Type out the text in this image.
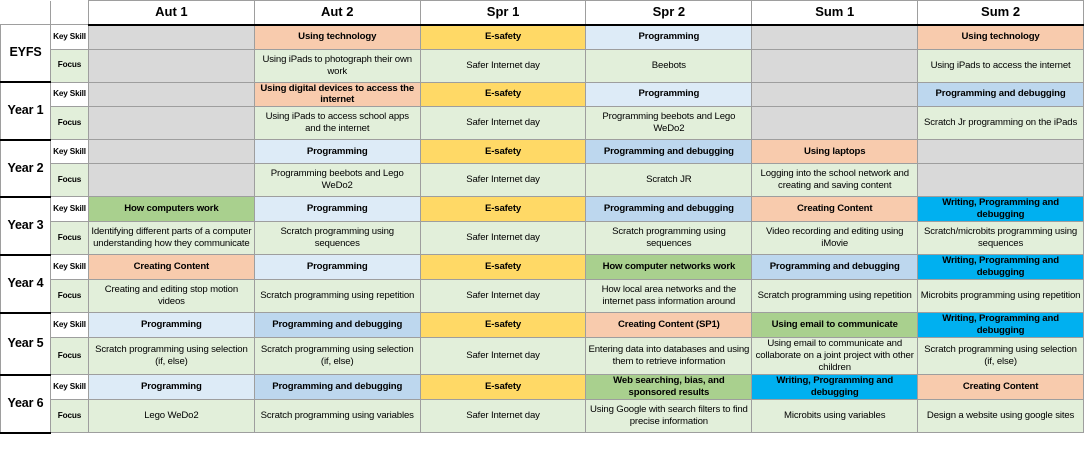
		Aut 1	Aut 2	Spr 1	Spr 2	Sum 1	Sum 2
EYFS	Key Skill		Using technology	E-safety	Programming		Using technology
	Focus		Using iPads to photograph their own work	Safer Internet day	Beebots		Using iPads to access the internet
Year 1	Key Skill		Using digital devices to access the internet	E-safety	Programming		Programming and debugging
	Focus		Using iPads to access school apps and the internet	Safer Internet day	Programming beebots and Lego WeDo2		Scratch Jr programming on the iPads
Year 2	Key Skill		Programming	E-safety	Programming and debugging	Using laptops	
	Focus		Programming beebots and Lego WeDo2	Safer Internet day	Scratch JR	Logging into the school network and creating and saving content	
Year 3	Key Skill	How computers work	Programming	E-safety	Programming and debugging	Creating Content	Writing, Programming and debugging
	Focus	Identifying different parts of a computer understanding how they communicate	Scratch programming using sequences	Safer Internet day	Scratch programming using sequences	Video recording and editing using iMovie	Scratch/microbits programming using sequences
Year 4	Key Skill	Creating Content	Programming	E-safety	How computer networks work	Programming and debugging	Writing, Programming and debugging
	Focus	Creating and editing stop motion videos	Scratch programming using repetition	Safer Internet day	How local area networks and the internet pass information around	Scratch programming using repetition	Microbits programming using repetition
Year 5	Key Skill	Programming	Programming and debugging	E-safety	Creating Content (SP1)	Using email to communicate	Writing, Programming and debugging
	Focus	Scratch programming using selection (if, else)	Scratch programming using selection (if, else)	Safer Internet day	Entering data into databases and using them to retrieve information	Using email to communicate and collaborate on a joint project with other children	Scratch programming using selection (if, else)
Year 6	Key Skill	Programming	Programming and debugging	E-safety	Web searching, bias, and sponsored results	Writing, Programming and debugging	Creating Content
	Focus	Lego WeDo2	Scratch programming using variables	Safer Internet day	Using Google with search filters to find precise information	Microbits using variables	Design a website using google sites
